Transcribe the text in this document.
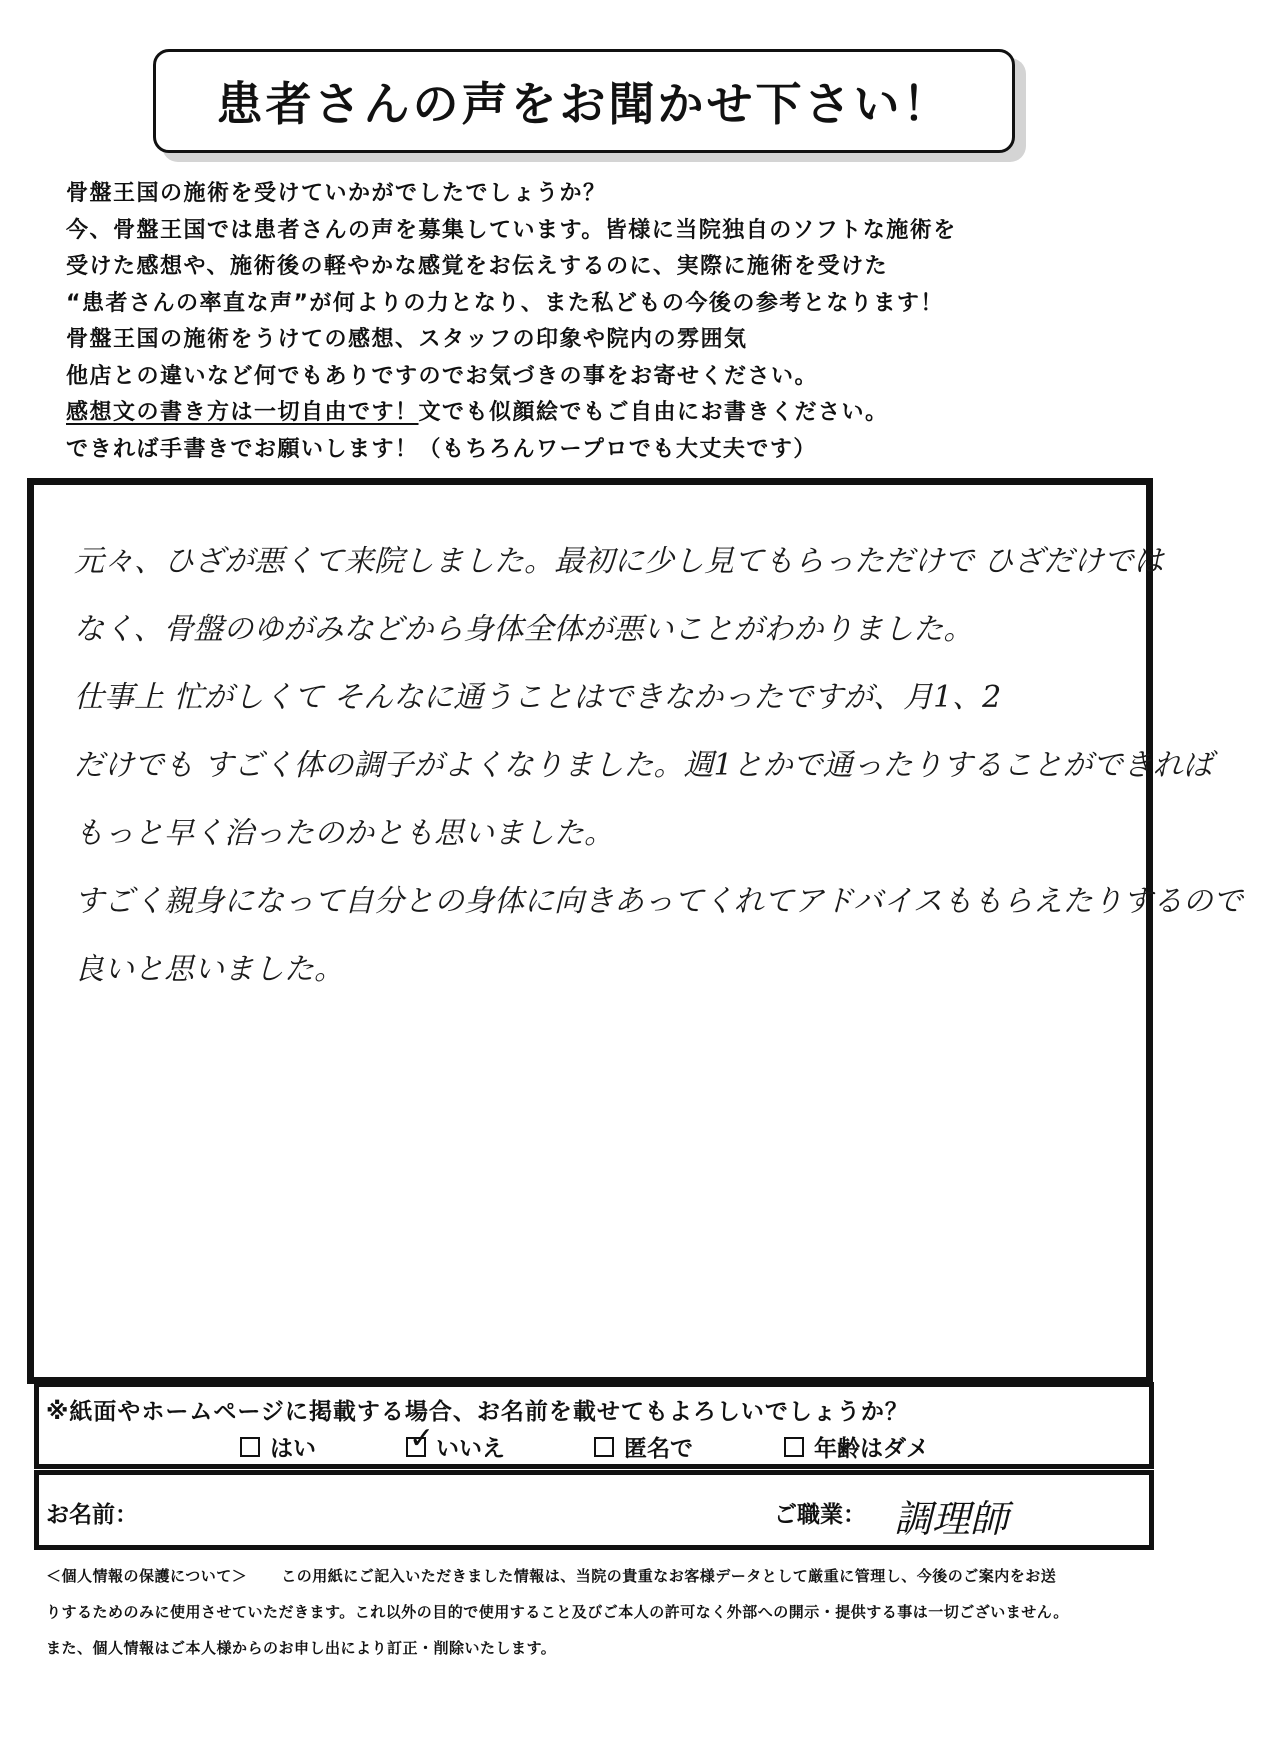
患者さんの声をお聞かせ下さい！
骨盤王国の施術を受けていかがでしたでしょうか？
今、骨盤王国では患者さんの声を募集しています。皆様に当院独自のソフトな施術を
受けた感想や、施術後の軽やかな感覚をお伝えするのに、実際に施術を受けた
“患者さんの率直な声”が何よりの力となり、また私どもの今後の参考となります！
骨盤王国の施術をうけての感想、スタッフの印象や院内の雰囲気
他店との違いなど何でもありですのでお気づきの事をお寄せください。
感想文の書き方は一切自由です！文でも似顔絵でもご自由にお書きください。
できれば手書きでお願いします！（もちろんワープロでも大丈夫です）
元々、ひざが悪くて来院しました。最初に少し見てもらっただけで ひざだけでは
なく、骨盤のゆがみなどから身体全体が悪いことがわかりました。
仕事上 忙がしくて そんなに通うことはできなかったですが、月1、2
だけでも すごく体の調子がよくなりました。週1とかで通ったりすることができれば
もっと早く治ったのかとも思いました。
すごく親身になって自分との身体に向きあってくれてアドバイスももらえたりするので
良いと思いました。
※紙面やホームページに掲載する場合、お名前を載せてもよろしいでしょうか？
はい	✓ いいえ	匿名で	年齢はダメ
お名前：	ご職業： 調理師
＜個人情報の保護について＞ この用紙にご記入いただきました情報は、当院の貴重なお客様データとして厳重に管理し、今後のご案内をお送
りするためのみに使用させていただきます。これ以外の目的で使用すること及びご本人の許可なく外部への開示・提供する事は一切ございません。
また、個人情報はご本人様からのお申し出により訂正・削除いたします。
